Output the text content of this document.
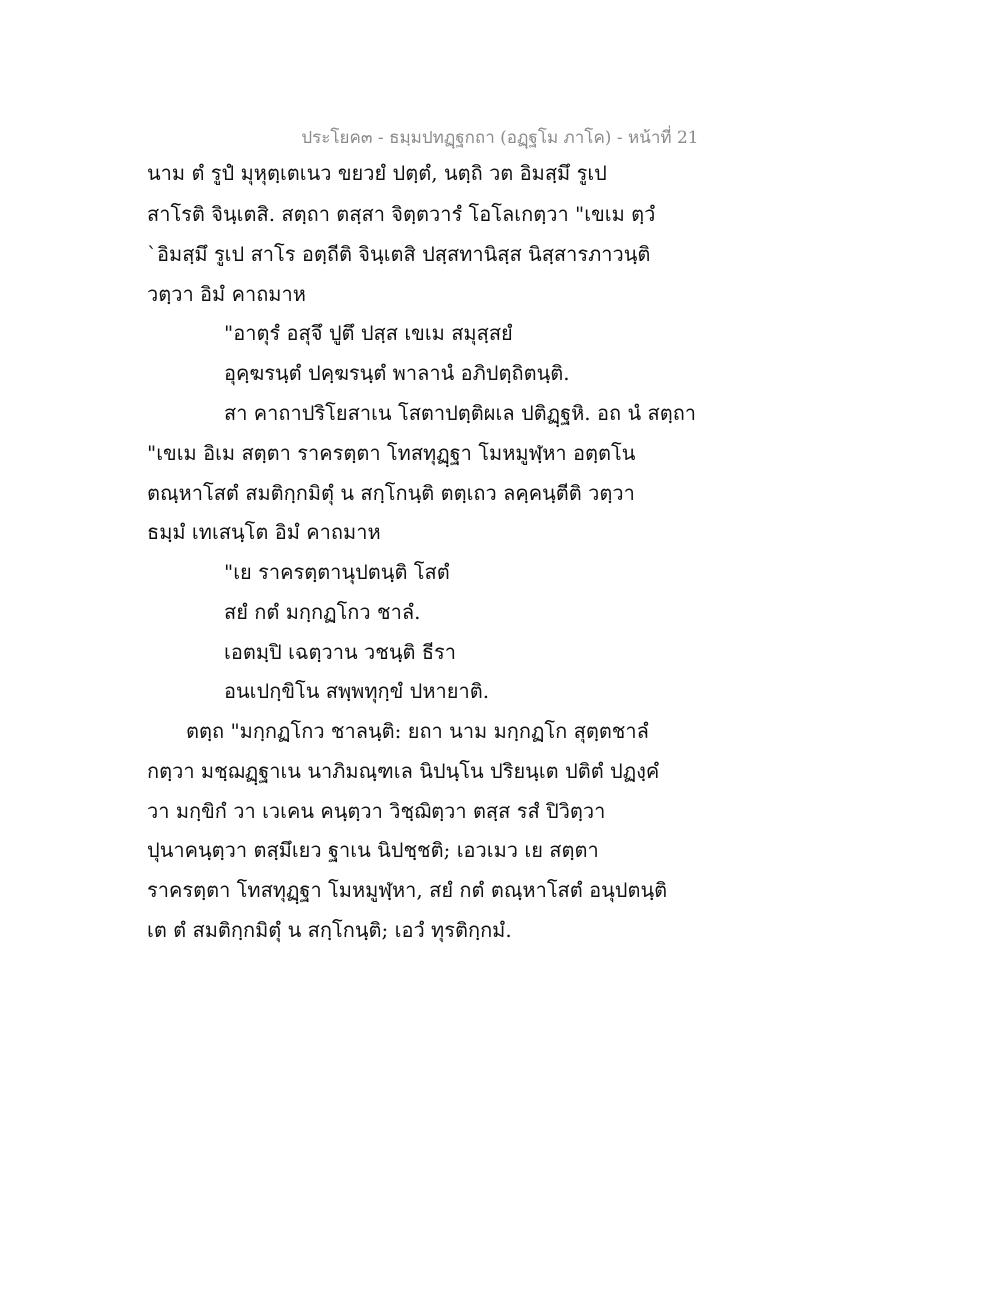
ประโยค๓ - ธมฺมปทฏฺฐกถา (อฏฺฐโม ภาโค) - หน้าที่ 21
นาม ตํ รูปํ มุหุตฺเตเนว ขยวยํ ปตฺตํ, นตฺถิ วต อิมสฺมึ รูเป
สาโรติ จินฺเตสิ. สตฺถา ตสฺสา จิตฺตวารํ โอโลเกตฺวา "เขเม ตฺวํ
`อิมสฺมึ รูเป สาโร อตฺถีติ จินฺเตสิ ปสฺสทานิสฺส นิสฺสารภาวนฺติ
วตฺวา อิมํ คาถมาห
"อาตุรํ อสุจึ ปูตึ ปสฺส เขเม สมุสฺสยํ
อุคฺฆรนฺตํ ปคฺฆรนฺตํ พาลานํ อภิปตฺถิตนฺติ.
สา คาถาปริโยสาเน โสตาปตฺติผเล ปติฏฺฐหิ. อถ นํ สตฺถา
"เขเม อิเม สตฺตา ราครตฺตา โทสทุฏฺฐา โมหมูฬฺหา อตฺตโน
ตณฺหาโสตํ สมติกฺกมิตุํ น สกฺโกนฺติ ตตฺเถว ลคฺคนฺตีติ วตฺวา
ธมฺมํ เทเสนฺโต อิมํ คาถมาห
"เย ราครตฺตานุปตนฺติ โสตํ
สยํ กตํ มกฺกฏโกว ชาลํ.
เอตมฺปิ เฉตฺวาน วชนฺติ ธีรา
อนเปกฺขิโน สพฺพทุกฺขํ ปหายาติ.
ตตฺถ "มกฺกฏโกว ชาลนฺติ: ยถา นาม มกฺกฏโก สุตฺตชาลํ
กตฺวา มชฺฌฏฺฐาเน นาภิมณฺฑเล นิปนฺโน ปริยนฺเต ปติตํ ปฏงฺคํ
วา มกฺขิกํ วา เวเคน คนฺตฺวา วิชฺฌิตฺวา ตสฺส รสํ ปิวิตฺวา
ปุนาคนฺตฺวา ตสฺมึเยว ฐาเน นิปชฺชติ; เอวเมว เย สตฺตา
ราครตฺตา โทสทุฏฺฐา โมหมูฬฺหา, สยํ กตํ ตณฺหาโสตํ อนุปตนฺติ
เต ตํ สมติกฺกมิตุํ น สกฺโกนฺติ; เอวํ ทุรติกฺกมํ.
